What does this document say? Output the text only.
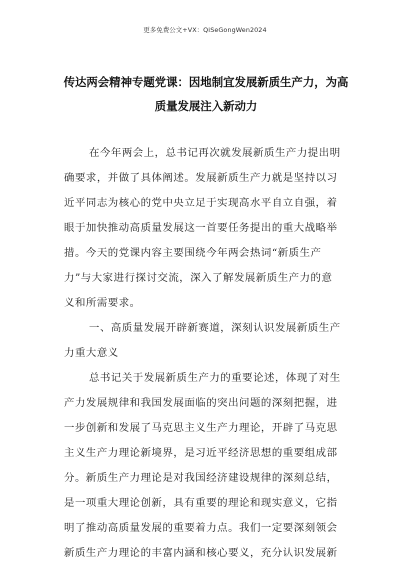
更多免费公文+VX：QiSeGongWen2024
传达两会精神专题党课：因地制宜发展新质生产力，为高
质量发展注入新动力
在今年两会上，总书记再次就发展新质生产力提出明
确要求，并做了具体阐述。发展新质生产力就是坚持以习
近平同志为核心的党中央立足于实现高水平自立自强，着
眼于加快推动高质量发展这一首要任务提出的重大战略举
措。今天的党课内容主要围绕今年两会热词“新质生产
力”与大家进行探讨交流，深入了解发展新质生产力的意
义和所需要求。
一、高质量发展开辟新赛道，深刻认识发展新质生产
力重大意义
总书记关于发展新质生产力的重要论述，体现了对生
产力发展规律和我国发展面临的突出问题的深刻把握，进
一步创新和发展了马克思主义生产力理论，开辟了马克思
主义生产力理论新境界，是习近平经济思想的重要组成部
分。新质生产力理论是对我国经济建设规律的深刻总结，
是一项重大理论创新，具有重要的理论和现实意义，它指
明了推动高质量发展的重要着力点。我们一定要深刻领会
新质生产力理论的丰富内涵和核心要义，充分认识发展新
